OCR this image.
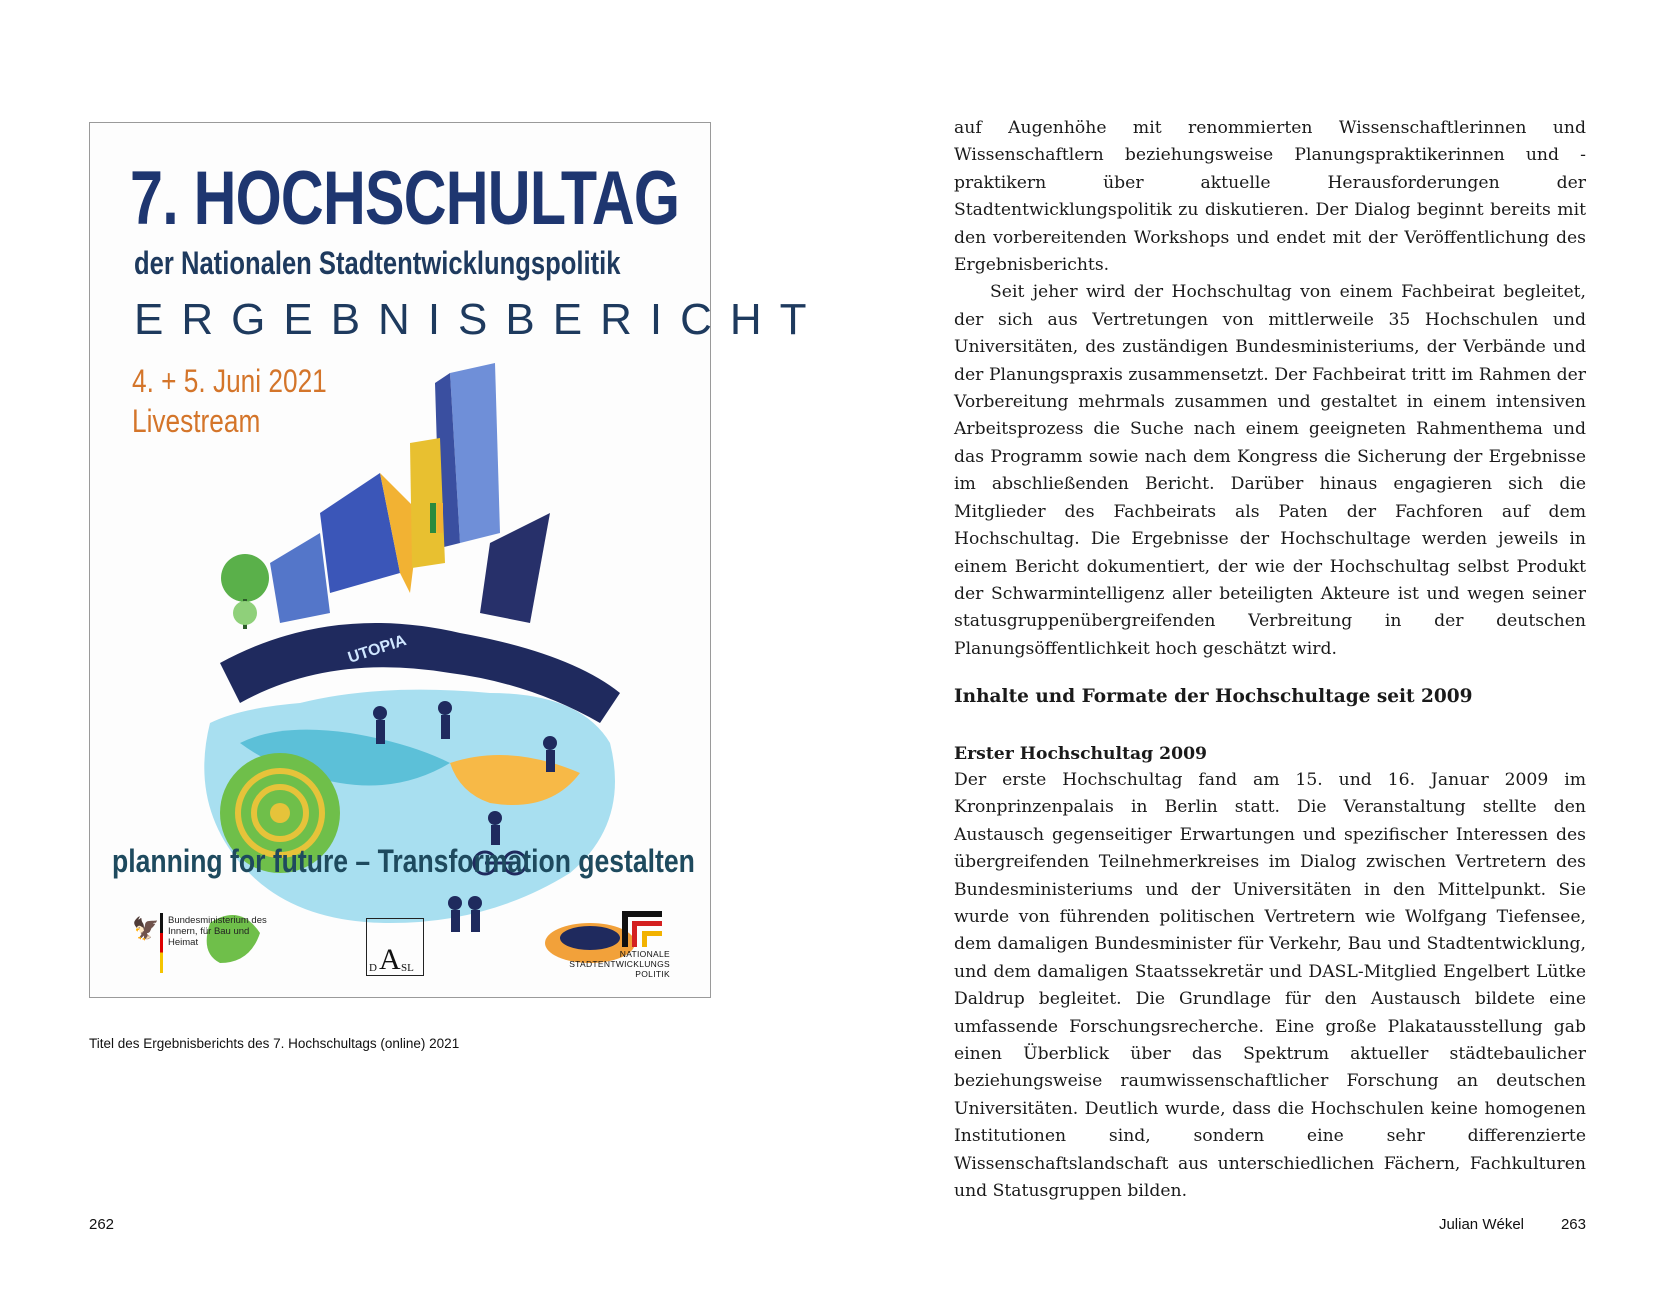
7. HOCHSCHULTAG
der Nationalen Stadtentwicklungspolitik
ERGEBNISBERICHT
4. + 5. Juni 2021
Livestream
UTOPIA
planning for future – Transformation gestalten
🦅 Bundesministerium des Innern, für Bau und Heimat
D A SL
NATIONALE STADTENTWICKLUNGS POLITIK
Titel des Ergebnisberichts des 7. Hochschultags (online) 2021
262

auf Augenhöhe mit renommierten Wissenschaftlerinnen und Wissenschaftlern beziehungsweise Planungspraktikerinnen und -praktikern über aktuelle Herausforderungen der Stadtentwicklungspolitik zu diskutieren. Der Dialog beginnt bereits mit den vorbereitenden Workshops und endet mit der Veröffentlichung des Ergebnisberichts.

Seit jeher wird der Hochschultag von einem Fachbeirat begleitet, der sich aus Vertretungen von mittlerweile 35 Hochschulen und Universitäten, des zuständigen Bundesministeriums, der Verbände und der Planungspraxis zusammensetzt. Der Fachbeirat tritt im Rahmen der Vorbereitung mehrmals zusammen und gestaltet in einem intensiven Arbeitsprozess die Suche nach einem geeigneten Rahmenthema und das Programm sowie nach dem Kongress die Sicherung der Ergebnisse im abschließenden Bericht. Darüber hinaus engagieren sich die Mitglieder des Fachbeirats als Paten der Fachforen auf dem Hochschultag. Die Ergebnisse der Hochschultage werden jeweils in einem Bericht dokumentiert, der wie der Hochschultag selbst Produkt der Schwarmintelligenz aller beteiligten Akteure ist und wegen seiner statusgruppenübergreifenden Verbreitung in der deutschen Planungsöffentlichkeit hoch geschätzt wird.

Inhalte und Formate der Hochschultage seit 2009
Erster Hochschultag 2009

Der erste Hochschultag fand am 15. und 16. Januar 2009 im Kronprinzenpalais in Berlin statt. Die Veranstaltung stellte den Austausch gegenseitiger Erwartungen und spezifischer Interessen des übergreifenden Teilnehmerkreises im Dialog zwischen Vertretern des Bundesministeriums und der Universitäten in den Mittelpunkt. Sie wurde von führenden politischen Vertretern wie Wolfgang Tiefensee, dem damaligen Bundesminister für Verkehr, Bau und Stadtentwicklung, und dem damaligen Staatssekretär und DASL-Mitglied Engelbert Lütke Daldrup begleitet. Die Grundlage für den Austausch bildete eine umfassende Forschungsrecherche. Eine große Plakatausstellung gab einen Überblick über das Spektrum aktueller städtebaulicher beziehungsweise raumwissenschaftlicher Forschung an deutschen Universitäten. Deutlich wurde, dass die Hochschulen keine homogenen Institutionen sind, sondern eine sehr differenzierte Wissenschaftslandschaft aus unterschiedlichen Fächern, Fachkulturen und Statusgruppen bilden.

Julian Wékel 263
